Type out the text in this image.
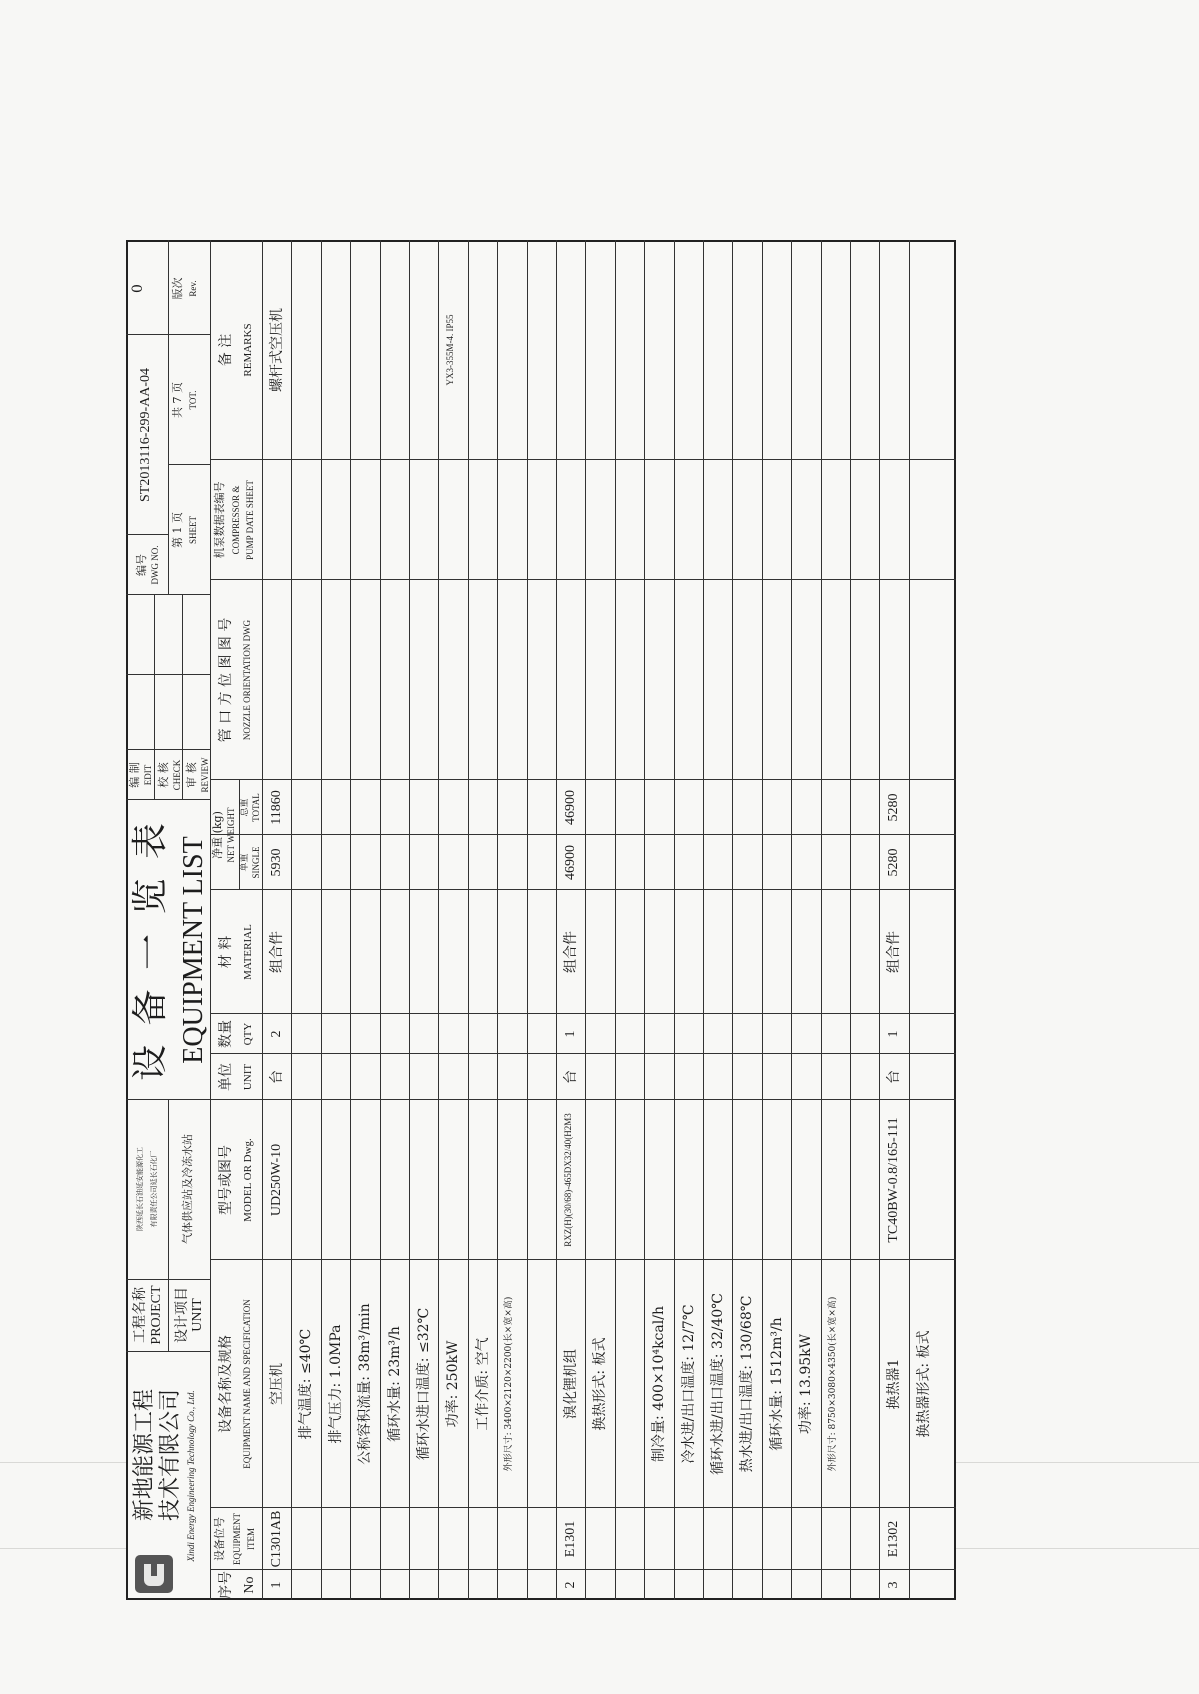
新地能源工程 技术有限公司 Xindi Energy Engineering Technology Co., Ltd.
工程名称 PROJECT
陕西延长石油延安能源化工 有限责任公司延长石化厂
设计项目 UNIT
气体供应站及冷冻水站
设 备 一 览 表 EQUIPMENT LIST
编 制 EDIT 校 核 CHECK 审 核 REVIEW
编号 DWG NO.
ST2013116-299-AA-04
0
第 1 页 SHEET
共 7 页 TOT.
版次 Rev.
序号 No
设备位号 EQUIPMENT ITEM
设备名称及规格 EQUIPMENT NAME AND SPECIFICATION
型号或图号 MODEL OR Dwg.
单位 UNIT
数量 QTY
材 料 MATERIAL
净重 (kg) NET WEIGHT
单重 SINGLE
总重 TOTAL
管 口 方 位 图 图 号 NOZZLE ORIENTATION DWG
机泵数据表编号 COMPRESSOR & PUMP DATE SHEET
备 注 REMARKS
1
C1301AB
空压机
UD250W-10
台
2
组合件
5930
11860
螺杆式空压机
排气温度: ≤40℃ 排气压力: 1.0MPa 公称容积流量: 38m³/min 循环水量: 23m³/h 循环水进口温度: ≤32℃ 功率: 250kW
YX3-355M-4. IP55
工作介质: 空气 外形尺寸: 3400×2120×2200(长×宽×高)
2
E1301
溴化锂机组
RXZ(H)(30/68)-465DX32/40(H2M3
台
1
组合件
46900
46900
换热形式: 板式	制冷量: 400×10⁴kcal/h 冷水进/出口温度: 12/7℃ 循环水进/出口温度: 32/40℃ 热水进/出口温度: 130/68℃ 循环水量: 1512m³/h 功率: 13.95kW 外形尺寸: 8750×3080×4350(长×宽×高)
3
E1302
换热器1
TC40BW-0.8/165-111
台
1
组合件
5280
5280
换热器形式: 板式
